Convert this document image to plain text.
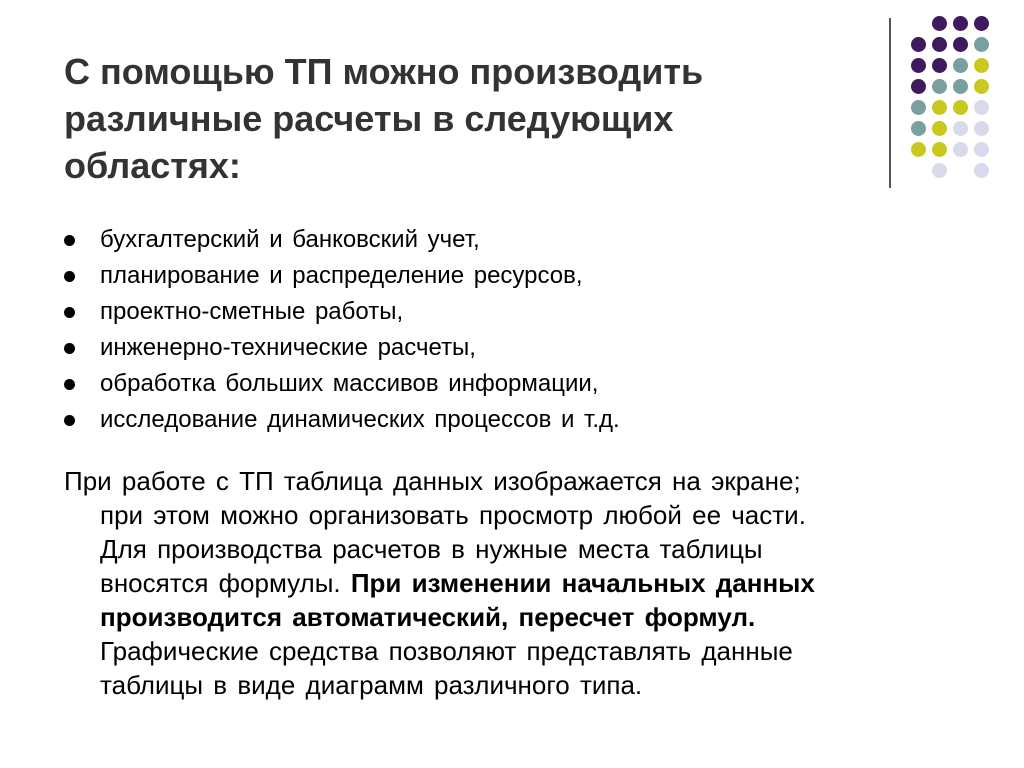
С помощью ТП можно производить
различные расчеты в следующих
областях:
бухгалтерский и банковский учет,
планирование и распределение ресурсов,
проектно-сметные работы,
инженерно-технические расчеты,
обработка больших массивов информации,
исследование динамических процессов и т.д.
При работе с ТП таблица данных изображается на экране;
при этом можно организовать просмотр любой ее части.
Для производства расчетов в нужные места таблицы
вносятся формулы. При изменении начальных данных
производится автоматический, пересчет формул.
Графические средства позволяют представлять данные
таблицы в виде диаграмм различного типа.
